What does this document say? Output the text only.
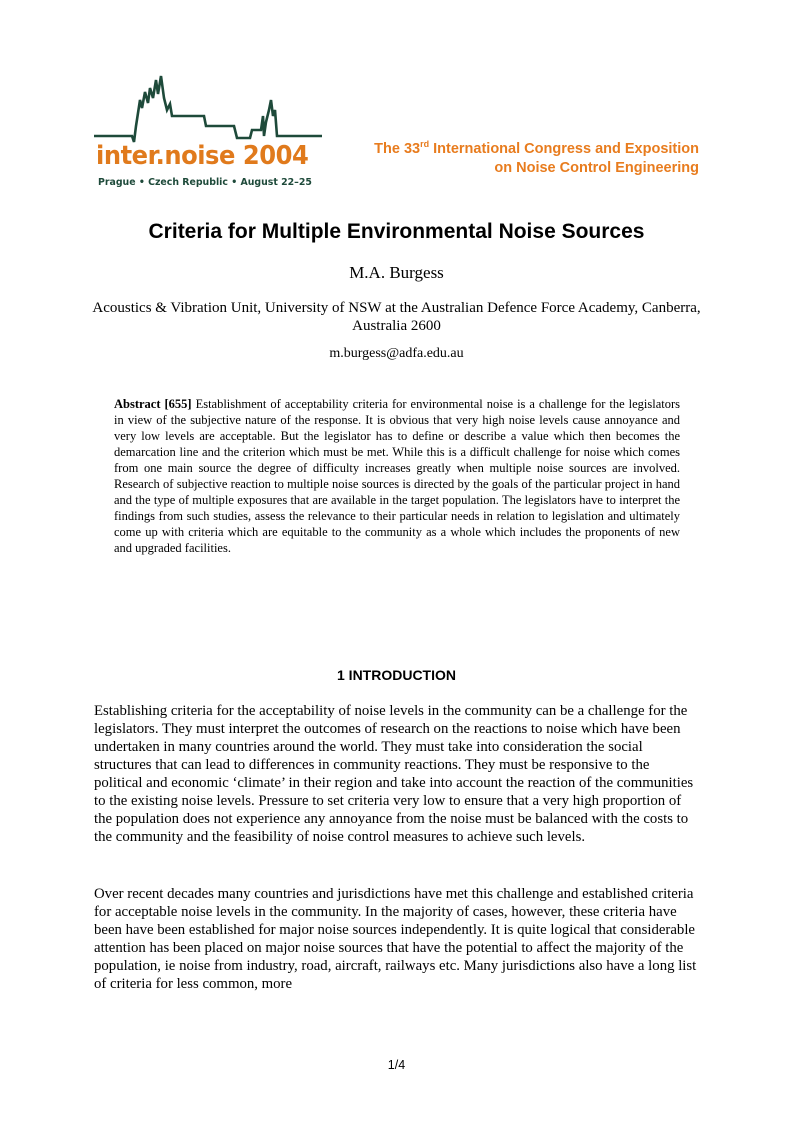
inter.noise 2004
Prague • Czech Republic • August 22–25
The 33rd International Congress and Exposition
on Noise Control Engineering
Criteria for Multiple Environmental Noise Sources
M.A. Burgess
Acoustics & Vibration Unit, University of NSW at the Australian Defence Force Academy, Canberra, Australia 2600
m.burgess@adfa.edu.au
Abstract [655] Establishment of acceptability criteria for environmental noise is a challenge for the legislators in view of the subjective nature of the response. It is obvious that very high noise levels cause annoyance and very low levels are acceptable. But the legislator has to define or describe a value which then becomes the demarcation line and the criterion which must be met. While this is a difficult challenge for noise which comes from one main source the degree of difficulty increases greatly when multiple noise sources are involved. Research of subjective reaction to multiple noise sources is directed by the goals of the particular project in hand and the type of multiple exposures that are available in the target population. The legislators have to interpret the findings from such studies, assess the relevance to their particular needs in relation to legislation and ultimately come up with criteria which are equitable to the community as a whole which includes the proponents of new and upgraded facilities.
1 INTRODUCTION
Establishing criteria for the acceptability of noise levels in the community can be a challenge for the legislators. They must interpret the outcomes of research on the reactions to noise which have been undertaken in many countries around the world. They must take into consideration the social structures that can lead to differences in community reactions. They must be responsive to the political and economic ‘climate’ in their region and take into account the reaction of the communities to the existing noise levels. Pressure to set criteria very low to ensure that a very high proportion of the population does not experience any annoyance from the noise must be balanced with the costs to the community and the feasibility of noise control measures to achieve such levels.
Over recent decades many countries and jurisdictions have met this challenge and established criteria for acceptable noise levels in the community. In the majority of cases, however, these criteria have been have been established for major noise sources independently. It is quite logical that considerable attention has been placed on major noise sources that have the potential to affect the majority of the population, ie noise from industry, road, aircraft, railways etc. Many jurisdictions also have a long list of criteria for less common, more
1/4
